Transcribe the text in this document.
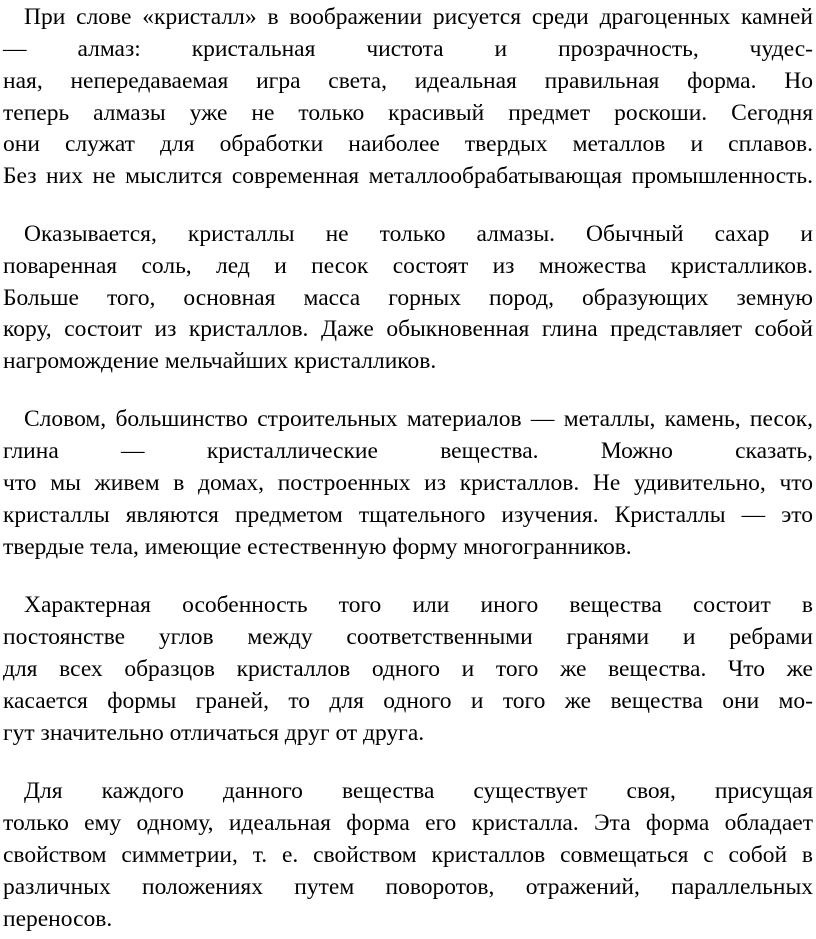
При слове «кристалл» в воображении рисуется среди драгоценных камней
— алмаз: кристальная чистота и прозрачность, чудес-
ная, непередаваемая игра света, идеальная правильная форма. Но
теперь алмазы уже не только красивый предмет роскоши. Сегодня
они служат для обработки наиболее твердых металлов и сплавов.
Без них не мыслится современная металлообрабатывающая промышленность.
Оказывается, кристаллы не только алмазы. Обычный сахар и
поваренная соль, лед и песок состоят из множества кристалликов.
Больше того, основная масса горных пород, образующих земную
кору, состоит из кристаллов. Даже обыкновенная глина представляет собой
нагромождение мельчайших кристалликов.
Словом, большинство строительных материалов — металлы, камень, песок,
глина — кристаллические вещества. Можно сказать,
что мы живем в домах, построенных из кристаллов. Не удивительно, что
кристаллы являются предметом тщательного изучения. Кристаллы — это
твердые тела, имеющие естественную форму многогранников.
Характерная особенность того или иного вещества состоит в
постоянстве углов между соответственными гранями и ребрами
для всех образцов кристаллов одного и того же вещества. Что же
касается формы граней, то для одного и того же вещества они мо-
гут значительно отличаться друг от друга.
Для каждого данного вещества существует своя, присущая
только ему одному, идеальная форма его кристалла. Эта форма обладает
свойством симметрии, т. е. свойством кристаллов совмещаться с собой в
различных положениях путем поворотов, отражений, параллельных
переносов.
